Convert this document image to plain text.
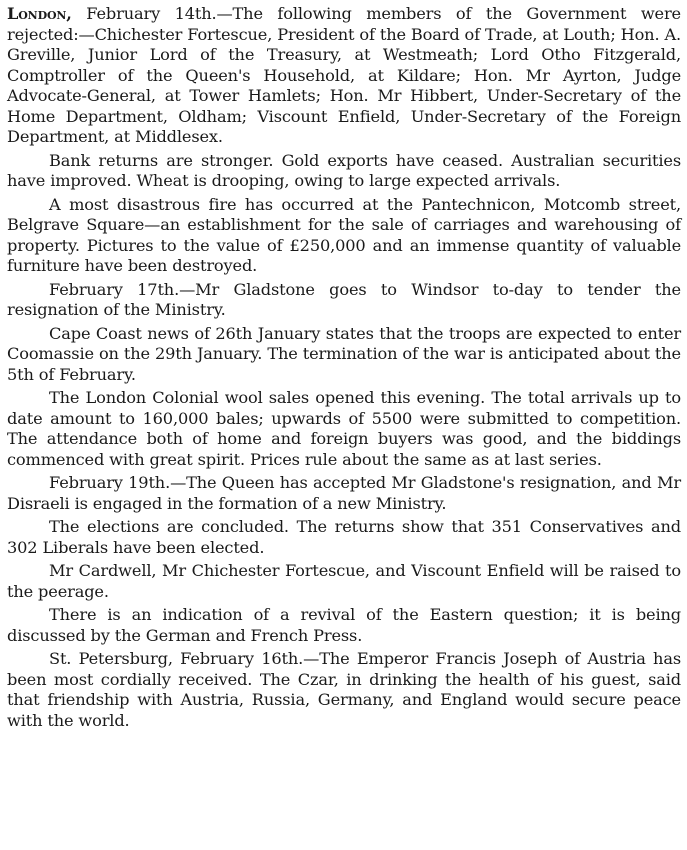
London, February 14th.—The following members of the Government were rejected:—Chichester Fortescue, President of the Board of Trade, at Louth; Hon. A. Greville, Junior Lord of the Treasury, at Westmeath; Lord Otho Fitzgerald, Comptroller of the Queen's Household, at Kildare; Hon. Mr Ayrton, Judge Advocate-General, at Tower Hamlets; Hon. Mr Hibbert, Under-Secretary of the Home Department, Oldham; Viscount Enfield, Under-Secretary of the Foreign Department, at Middlesex.

Bank returns are stronger. Gold exports have ceased. Australian securities have improved. Wheat is drooping, owing to large expected arrivals.

A most disastrous fire has occurred at the Pantechnicon, Motcomb street, Belgrave Square—an establishment for the sale of carriages and warehousing of property. Pictures to the value of £250,000 and an immense quantity of valuable furniture have been destroyed.

February 17th.—Mr Gladstone goes to Windsor to-day to tender the resignation of the Ministry.

Cape Coast news of 26th January states that the troops are expected to enter Coomassie on the 29th January. The termination of the war is anticipated about the 5th of February.

The London Colonial wool sales opened this evening. The total arrivals up to date amount to 160,000 bales; upwards of 5500 were submitted to competition. The attendance both of home and foreign buyers was good, and the biddings commenced with great spirit. Prices rule about the same as at last series.

February 19th.—The Queen has accepted Mr Gladstone's resignation, and Mr Disraeli is engaged in the formation of a new Ministry.

The elections are concluded. The returns show that 351 Conservatives and 302 Liberals have been elected.

Mr Cardwell, Mr Chichester Fortescue, and Viscount Enfield will be raised to the peerage.

There is an indication of a revival of the Eastern question; it is being discussed by the German and French Press.

St. Petersburg, February 16th.—The Emperor Francis Joseph of Austria has been most cordially received. The Czar, in drinking the health of his guest, said that friendship with Austria, Russia, Germany, and England would secure peace with the world.
